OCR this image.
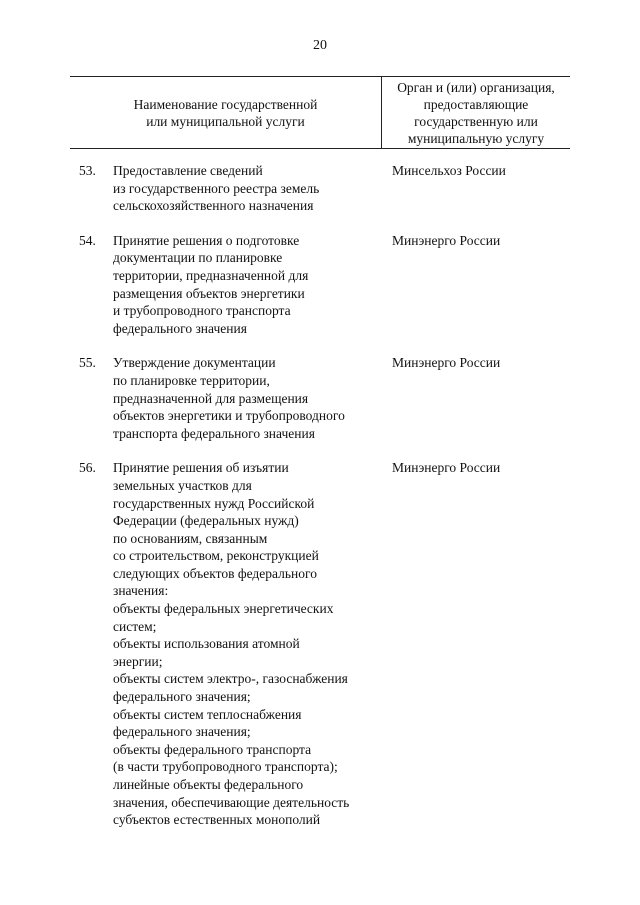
20
Наименование государственной
или муниципальной услуги
Орган и (или) организация,
предоставляющие
государственную или
муниципальную услугу
53. Предоставление сведений
из государственного реестра земель
сельскохозяйственного назначения
Минсельхоз России
54. Принятие решения о подготовке
документации по планировке
территории, предназначенной для
размещения объектов энергетики
и трубопроводного транспорта
федерального значения
Минэнерго России
55. Утверждение документации
по планировке территории,
предназначенной для размещения
объектов энергетики и трубопроводного
транспорта федерального значения
Минэнерго России
56. Принятие решения об изъятии
земельных участков для
государственных нужд Российской
Федерации (федеральных нужд)
по основаниям, связанным
со строительством, реконструкцией
следующих объектов федерального
значения:
объекты федеральных энергетических
систем;
объекты использования атомной
энергии;
объекты систем электро-, газоснабжения
федерального значения;
объекты систем теплоснабжения
федерального значения;
объекты федерального транспорта
(в части трубопроводного транспорта);
линейные объекты федерального
значения, обеспечивающие деятельность
субъектов естественных монополий
Минэнерго России
